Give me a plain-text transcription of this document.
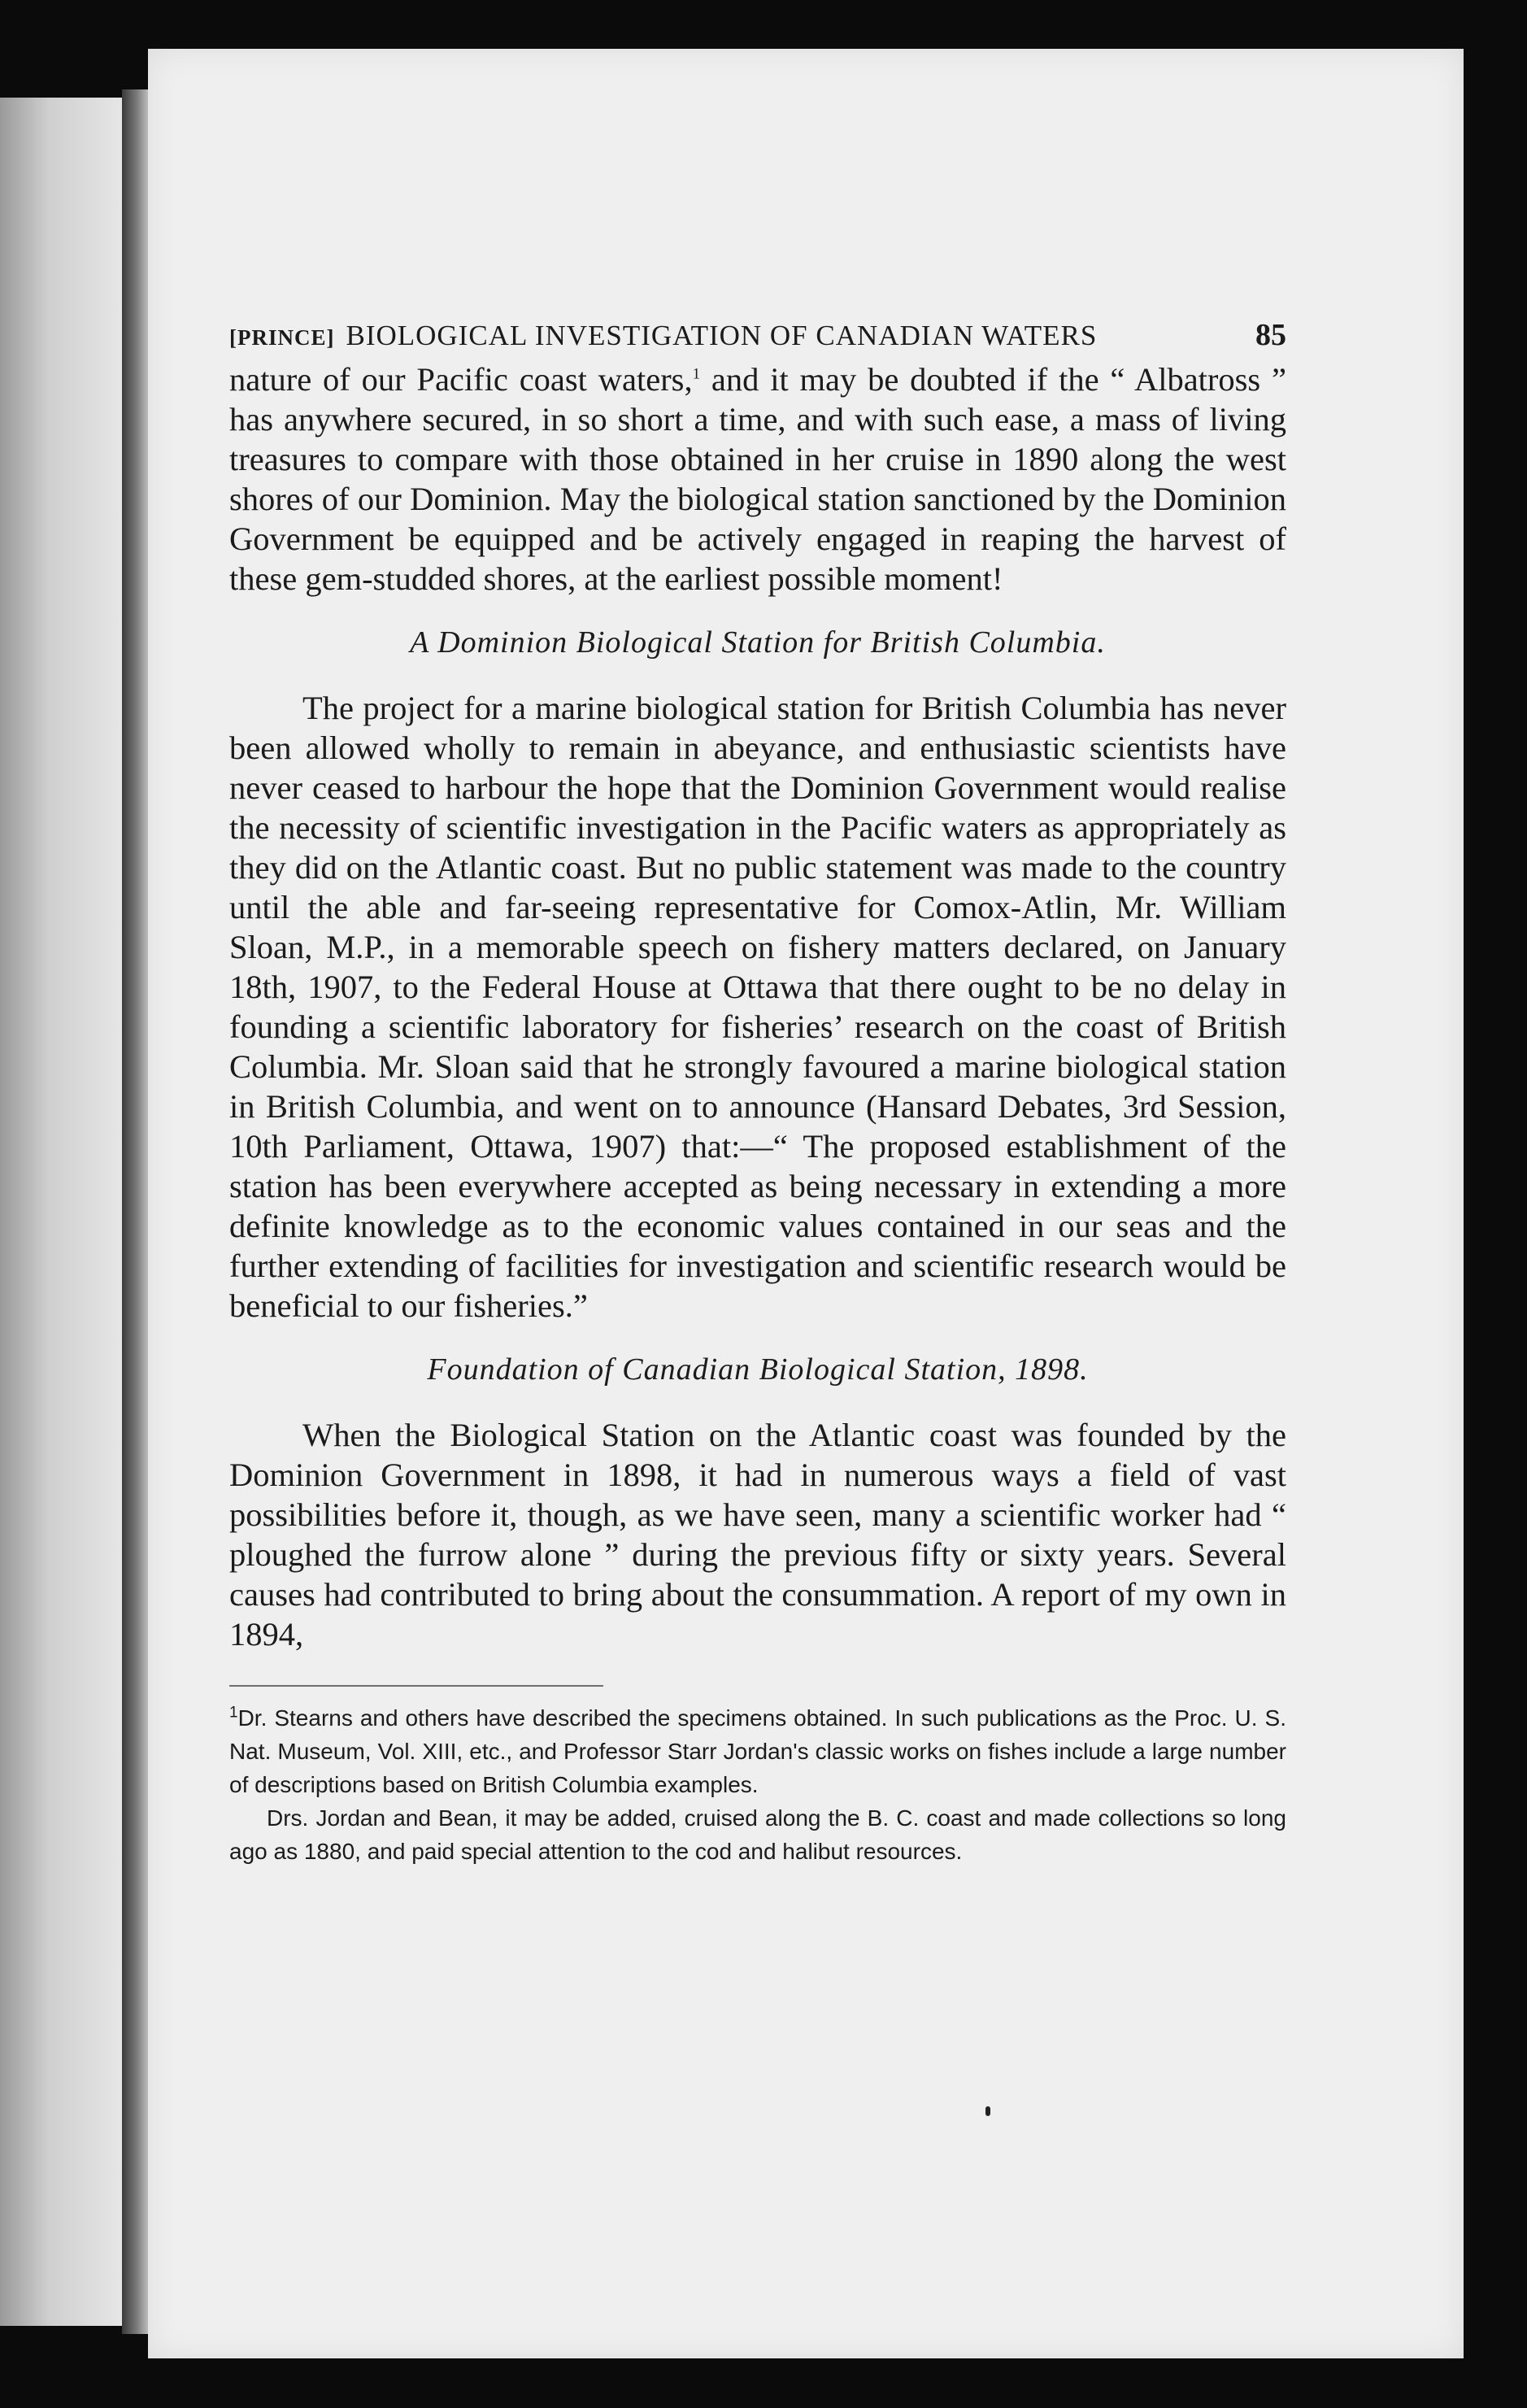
[PRINCE] BIOLOGICAL INVESTIGATION OF CANADIAN WATERS	85

nature of our Pacific coast waters,$^1$ and it may be doubted if the “ Albatross ” has anywhere secured, in so short a time, and with such ease, a mass of living treasures to compare with those obtained in her cruise in 1890 along the west shores of our Dominion. May the biological station sanctioned by the Dominion Government be equipped and be actively engaged in reaping the harvest of these gem-studded shores, at the earliest possible moment!

A Dominion Biological Station for British Columbia.

The project for a marine biological station for British Columbia has never been allowed wholly to remain in abeyance, and enthusiastic scientists have never ceased to harbour the hope that the Dominion Government would realise the necessity of scientific investigation in the Pacific waters as appropriately as they did on the Atlantic coast. But no public statement was made to the country until the able and far-seeing representative for Comox-Atlin, Mr. William Sloan, M.P., in a memorable speech on fishery matters declared, on January 18th, 1907, to the Federal House at Ottawa that there ought to be no delay in founding a scientific laboratory for fisheries’ research on the coast of British Columbia. Mr. Sloan said that he strongly favoured a marine biological station in British Columbia, and went on to announce (Hansard Debates, 3rd Session, 10th Parliament, Ottawa, 1907) that:—“ The proposed establishment of the station has been everywhere accepted as being necessary in extending a more definite knowledge as to the economic values contained in our seas and the further extending of facilities for investigation and scientific research would be beneficial to our fisheries.”

Foundation of Canadian Biological Station, 1898.

When the Biological Station on the Atlantic coast was founded by the Dominion Government in 1898, it had in numerous ways a field of vast possibilities before it, though, as we have seen, many a scientific worker had “ ploughed the furrow alone ” during the previous fifty or sixty years. Several causes had contributed to bring about the consummation. A report of my own in 1894,

$^1$Dr. Stearns and others have described the specimens obtained. In such publications as the Proc. U. S. Nat. Museum, Vol. XIII, etc., and Professor Starr Jordan's classic works on fishes include a large number of descriptions based on British Columbia examples.

Drs. Jordan and Bean, it may be added, cruised along the B. C. coast and made collections so long ago as 1880, and paid special attention to the cod and halibut resources.
